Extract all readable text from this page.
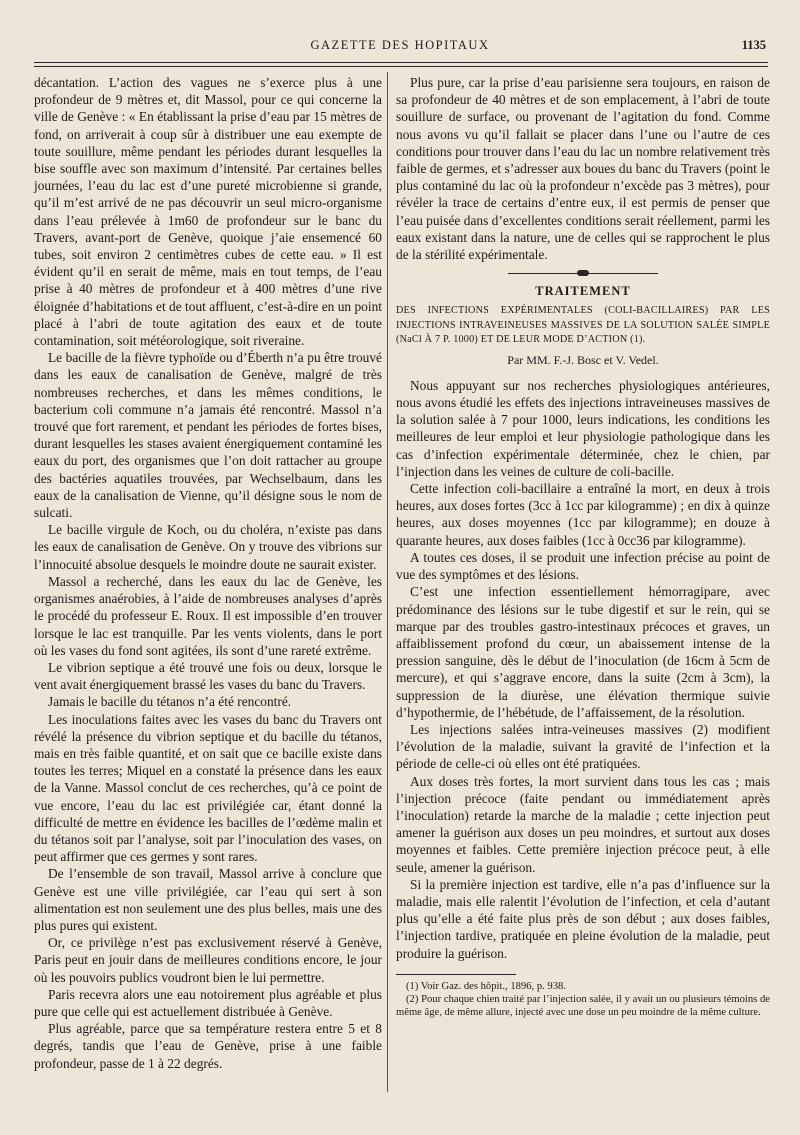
GAZETTE DES HOPITAUX	1135

décantation. L’action des vagues ne s’exerce plus à une profondeur de 9 mètres et, dit Massol, pour ce qui concerne la ville de Genève : « En établissant la prise d’eau par 15 mètres de fond, on arriverait à coup sûr à distribuer une eau exempte de toute souillure, même pendant les périodes durant lesquelles la bise souffle avec son maximum d’intensité. Par certaines belles journées, l’eau du lac est d’une pureté microbienne si grande, qu’il m’est arrivé de ne pas découvrir un seul micro-organisme dans l’eau prélevée à 1m60 de profondeur sur le banc du Travers, avant-port de Genève, quoique j’aie ensemencé 60 tubes, soit environ 2 centimètres cubes de cette eau. » Il est évident qu’il en serait de même, mais en tout temps, de l’eau prise à 40 mètres de profondeur et à 400 mètres d’une rive éloignée d’habitations et de tout affluent, c’est-à-dire en un point placé à l’abri de toute agitation des eaux et de toute contamination, soit météorologique, soit riveraine.

Le bacille de la fièvre typhoïde ou d’Éberth n’a pu être trouvé dans les eaux de canalisation de Genève, malgré de très nombreuses recherches, et dans les mêmes conditions, le bacterium coli commune n’a jamais été rencontré. Massol n’a trouvé que fort rarement, et pendant les périodes de fortes bises, durant lesquelles les stases avaient énergiquement contaminé les eaux du port, des organismes que l’on doit rattacher au groupe des bactéries aquatiles trouvées, par Wechselbaum, dans les eaux de la canalisation de Vienne, qu’il désigne sous le nom de sulcati.

Le bacille virgule de Koch, ou du choléra, n’existe pas dans les eaux de canalisation de Genève. On y trouve des vibrions sur l’innocuité absolue desquels le moindre doute ne saurait exister.

Massol a recherché, dans les eaux du lac de Genève, les organismes anaérobies, à l’aide de nombreuses analyses d’après le procédé du professeur E. Roux. Il est impossible d’en trouver lorsque le lac est tranquille. Par les vents violents, dans le port où les vases du fond sont agitées, ils sont d’une rareté extrême.

Le vibrion septique a été trouvé une fois ou deux, lorsque le vent avait énergiquement brassé les vases du banc du Travers.

Jamais le bacille du tétanos n’a été rencontré.

Les inoculations faites avec les vases du banc du Travers ont révélé la présence du vibrion septique et du bacille du tétanos, mais en très faible quantité, et on sait que ce bacille existe dans toutes les terres; Miquel en a constaté la présence dans les eaux de la Vanne. Massol conclut de ces recherches, qu’à ce point de vue encore, l’eau du lac est privilégiée car, étant donné la difficulté de mettre en évidence les bacilles de l’œdème malin et du tétanos soit par l’analyse, soit par l’inoculation des vases, on peut affirmer que ces germes y sont rares.

De l’ensemble de son travail, Massol arrive à conclure que Genève est une ville privilégiée, car l’eau qui sert à son alimentation est non seulement une des plus belles, mais une des plus pures qui existent.

Or, ce privilège n’est pas exclusivement réservé à Genève, Paris peut en jouir dans de meilleures conditions encore, le jour où les pouvoirs publics voudront bien le lui permettre.

Paris recevra alors une eau notoirement plus agréable et plus pure que celle qui est actuellement distribuée à Genève.

Plus agréable, parce que sa température restera entre 5 et 8 degrés, tandis que l’eau de Genève, prise à une faible profondeur, passe de 1 à 22 degrés.

Plus pure, car la prise d’eau parisienne sera toujours, en raison de sa profondeur de 40 mètres et de son emplacement, à l’abri de toute souillure de surface, ou provenant de l’agitation du fond. Comme nous avons vu qu’il fallait se placer dans l’une ou l’autre de ces conditions pour trouver dans l’eau du lac un nombre relativement très faible de germes, et s’adresser aux boues du banc du Travers (point le plus contaminé du lac où la profondeur n’excède pas 3 mètres), pour révéler la trace de certains d’entre eux, il est permis de penser que l’eau puisée dans d’excellentes conditions serait réellement, parmi les eaux existant dans la nature, une de celles qui se rapprochent le plus de la stérilité expérimentale.

TRAITEMENT

DES INFECTIONS EXPÉRIMENTALES (COLI-BACILLAIRES) PAR LES INJECTIONS INTRAVEINEUSES MASSIVES DE LA SOLUTION SALÉE SIMPLE (NaCl À 7 P. 1000) ET DE LEUR MODE D’ACTION (1).

Par MM. F.-J. Bosc et V. Vedel.

Nous appuyant sur nos recherches physiologiques antérieures, nous avons étudié les effets des injections intraveineuses massives de la solution salée à 7 pour 1000, leurs indications, les conditions les meilleures de leur emploi et leur physiologie pathologique dans les cas d’infection expérimentale déterminée, chez le chien, par l’injection dans les veines de culture de coli-bacille.

Cette infection coli-bacillaire a entraîné la mort, en deux à trois heures, aux doses fortes (3cc à 1cc par kilogramme) ; en dix à quinze heures, aux doses moyennes (1cc par kilogramme); en douze à quarante heures, aux doses faibles (1cc à 0cc36 par kilogramme).

A toutes ces doses, il se produit une infection précise au point de vue des symptômes et des lésions.

C’est une infection essentiellement hémorragipare, avec prédominance des lésions sur le tube digestif et sur le rein, qui se marque par des troubles gastro-intestinaux précoces et graves, un affaiblissement profond du cœur, un abaissement intense de la pression sanguine, dès le début de l’inoculation (de 16cm à 5cm de mercure), et qui s’aggrave encore, dans la suite (2cm à 3cm), la suppression de la diurèse, une élévation thermique suivie d’hypothermie, de l’hébétude, de l’affaissement, de la résolution.

Les injections salées intra-veineuses massives (2) modifient l’évolution de la maladie, suivant la gravité de l’infection et la période de celle-ci où elles ont été pratiquées.

Aux doses très fortes, la mort survient dans tous les cas ; mais l’injection précoce (faite pendant ou immédiatement après l’inoculation) retarde la marche de la maladie ; cette injection peut amener la guérison aux doses un peu moindres, et surtout aux doses moyennes et faibles. Cette première injection précoce peut, à elle seule, amener la guérison.

Si la première injection est tardive, elle n’a pas d’influence sur la maladie, mais elle ralentit l’évolution de l’infection, et cela d’autant plus qu’elle a été faite plus près de son début ; aux doses faibles, l’injection tardive, pratiquée en pleine évolution de la maladie, peut produire la guérison.

(1) Voir Gaz. des hôpit., 1896, p. 938.

(2) Pour chaque chien traité par l’injection salée, il y avait un ou plusieurs témoins de même âge, de même allure, injecté avec une dose un peu moindre de la même culture.
